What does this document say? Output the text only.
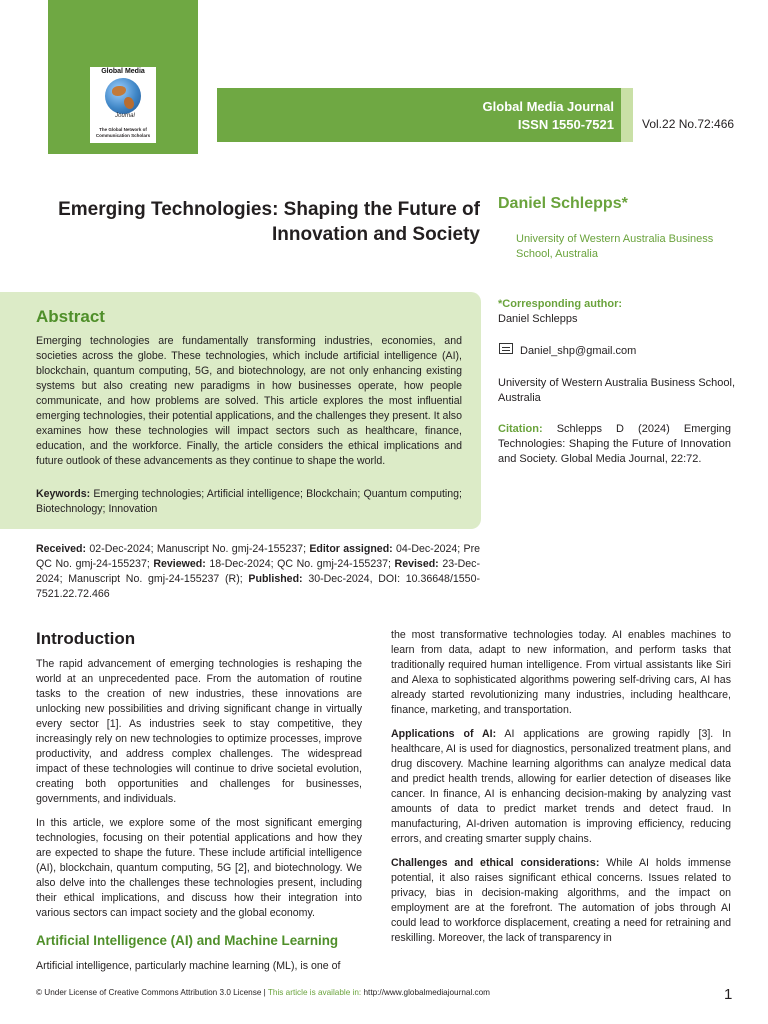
Global Media
Journal
The Global Network of Communication Scholars
Global Media Journal
ISSN 1550-7521 Vol.22 No.72:466
Emerging Technologies: Shaping the Future of Innovation and Society
Daniel Schlepps*
University of Western Australia Business School, Australia
Abstract
Emerging technologies are fundamentally transforming industries, economies, and societies across the globe. These technologies, which include artificial intelligence (AI), blockchain, quantum computing, 5G, and biotechnology, are not only enhancing existing systems but also creating new paradigms in how businesses operate, how people communicate, and how problems are solved. This article explores the most influential emerging technologies, their potential applications, and the challenges they present. It also examines how these technologies will impact sectors such as healthcare, finance, education, and the workforce. Finally, the article considers the ethical implications and future outlook of these advancements as they continue to shape the world.
Keywords: Emerging technologies; Artificial intelligence; Blockchain; Quantum computing; Biotechnology; Innovation
*Corresponding author:
Daniel Schlepps
Daniel_shp@gmail.com
University of Western Australia Business School, Australia
Citation: Schlepps D (2024) Emerging Technologies: Shaping the Future of Innovation and Society. Global Media Journal, 22:72.
Received: 02-Dec-2024; Manuscript No. gmj-24-155237; Editor assigned: 04-Dec-2024; Pre QC No. gmj-24-155237; Reviewed: 18-Dec-2024; QC No. gmj-24-155237; Revised: 23-Dec-2024; Manuscript No. gmj-24-155237 (R); Published: 30-Dec-2024, DOI: 10.36648/1550-7521.22.72.466
Introduction

The rapid advancement of emerging technologies is reshaping the world at an unprecedented pace. From the automation of routine tasks to the creation of new industries, these innovations are unlocking new possibilities and driving significant change in virtually every sector [1]. As industries seek to stay competitive, they increasingly rely on new technologies to optimize processes, improve productivity, and address complex challenges. The widespread impact of these technologies will continue to drive societal evolution, creating both opportunities and challenges for businesses, governments, and individuals.

In this article, we explore some of the most significant emerging technologies, focusing on their potential applications and how they are expected to shape the future. These include artificial intelligence (AI), blockchain, quantum computing, 5G [2], and biotechnology. We also delve into the challenges these technologies present, including their ethical implications, and discuss how their integration into various sectors can impact society and the global economy.

Artificial Intelligence (AI) and Machine Learning
Artificial intelligence, particularly machine learning (ML), is one of

the most transformative technologies today. AI enables machines to learn from data, adapt to new information, and perform tasks that traditionally required human intelligence. From virtual assistants like Siri and Alexa to sophisticated algorithms powering self-driving cars, AI has already started revolutionizing many industries, including healthcare, finance, marketing, and transportation.

Applications of AI: AI applications are growing rapidly [3]. In healthcare, AI is used for diagnostics, personalized treatment plans, and drug discovery. Machine learning algorithms can analyze medical data and predict health trends, allowing for earlier detection of diseases like cancer. In finance, AI is enhancing decision-making by analyzing vast amounts of data to predict market trends and detect fraud. In manufacturing, AI-driven automation is improving efficiency, reducing errors, and creating smarter supply chains.

Challenges and ethical considerations: While AI holds immense potential, it also raises significant ethical concerns. Issues related to privacy, bias in decision-making algorithms, and the impact on employment are at the forefront. The automation of jobs through AI could lead to workforce displacement, creating a need for retraining and reskilling. Moreover, the lack of transparency in

© Under License of Creative Commons Attribution 3.0 License | This article is available in: http://www.globalmediajournal.com	1
